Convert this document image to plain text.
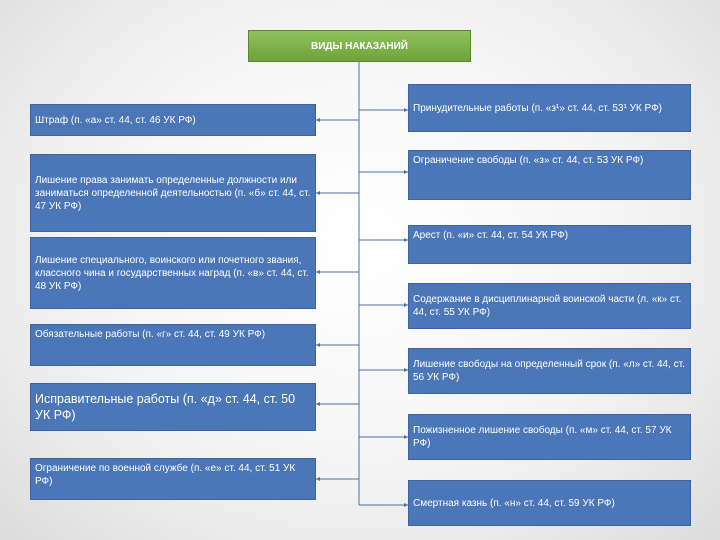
ВИДЫ НАКАЗАНИЙ
Штраф (п. «а» ст. 44, ст. 46 УК РФ)
Лишение права занимать определенные должности или заниматься определенной деятельностью (п. «б» ст. 44, ст. 47 УК РФ)
Лишение специального, воинского или почетного звания, классного чина и государственных наград (п. «в» ст. 44, ст. 48 УК РФ)
Обязательные работы (п. «г» ст. 44, ст. 49 УК РФ)
Исправительные работы (п. «д» ст. 44, ст. 50 УК РФ)
Ограничение по военной службе (п. «е» ст. 44, ст. 51 УК РФ)
Принудительные работы (п. «з¹» ст. 44, ст. 53¹ УК РФ)
Ограничение свободы (п. «з» ст. 44, ст. 53 УК РФ)
Арест (п. «и» ст. 44, ст. 54 УК РФ)
Содержание в дисциплинарной воинской части (л. «к» ст. 44, ст. 55 УК РФ)
Лишение свободы на определенный срок (п. «л» ст. 44, ст. 56 УК РФ)
Пожизненное лишение свободы (п. «м» ст. 44, ст. 57 УК РФ)
Смертная казнь (п. «н» ст. 44, ст. 59 УК РФ)
